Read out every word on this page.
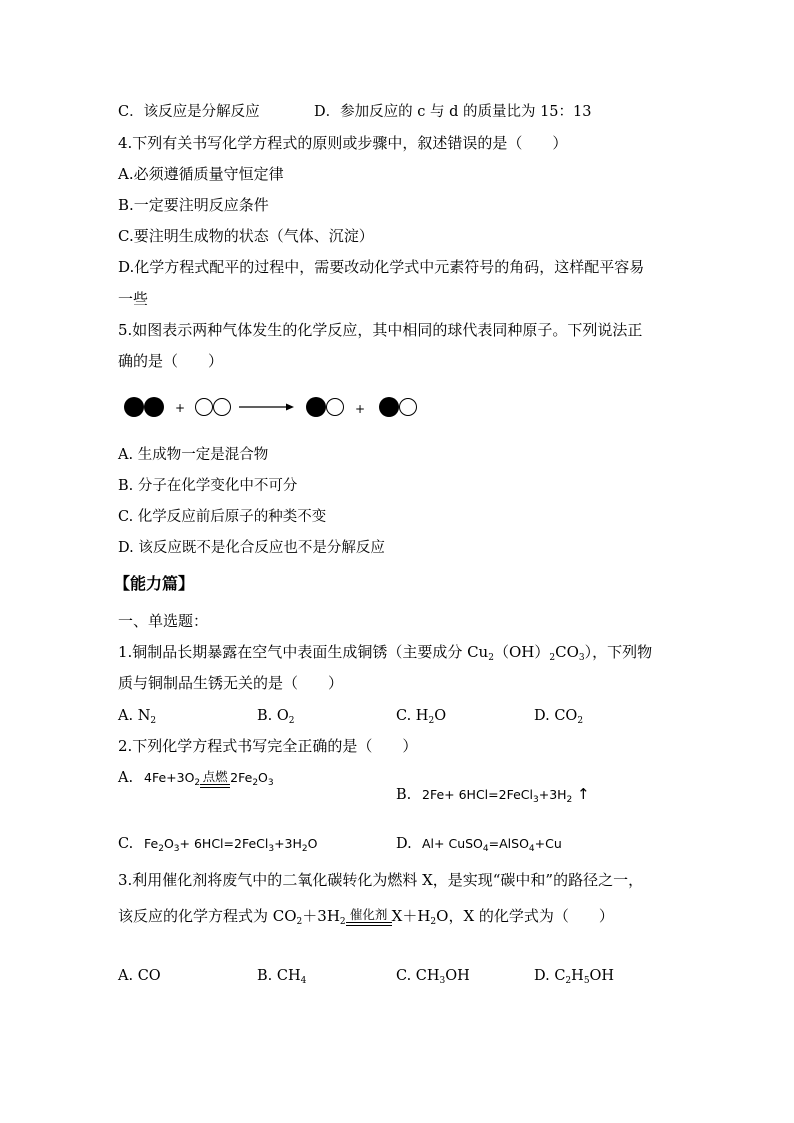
C．该反应是分解反应	D．参加反应的 c 与 d 的质量比为 15：13
4.下列有关书写化学方程式的原则或步骤中，叙述错误的是（　　）
A.必须遵循质量守恒定律
B.一定要注明反应条件
C.要注明生成物的状态（气体、沉淀）
D.化学方程式配平的过程中，需要改动化学式中元素符号的角码，这样配平容易
一些
5.如图表示两种气体发生的化学反应，其中相同的球代表同种原子。下列说法正
确的是（　　）
+	+
A. 生成物一定是混合物
B. 分子在化学变化中不可分
C. 化学反应前后原子的种类不变
D. 该反应既不是化合反应也不是分解反应
【能力篇】
一、单选题：
1.铜制品长期暴露在空气中表面生成铜锈（主要成分 $Cu_2(OH)_2CO_3$），下列物
质与铜制品生锈无关的是（　　）
A. $N_2$	B. $O_2$	C. $H_2O$	D. $CO_2$
2.下列化学方程式书写完全正确的是（　　）
A. $4Fe+3O_2$ 点燃 $2Fe_2O_3$
B. $2Fe+ 6HCl=2FeCl_3+3H_2$ ↑
C. $Fe_2O_3+$ $6HCl=2FeCl_3+3H_2O$	D. Al+ CuSO$_4$=AlSO$_4$+Cu
3.利用催化剂将废气中的二氧化碳转化为燃料 X，是实现“碳中和”的路径之一，
该反应的化学方程式为 $CO_2+3H_2$ 催化剂 $X+H_2O$，X 的化学式为（　　）
A. CO	B. $CH_4$	C. $CH_3OH$	D. $C_2H_5OH$
